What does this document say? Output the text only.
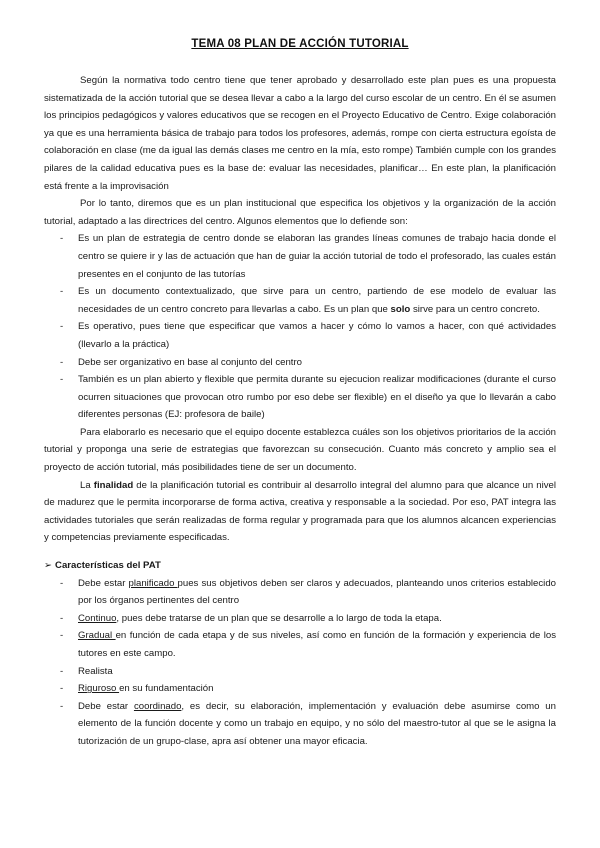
TEMA 08 PLAN DE ACCIÓN TUTORIAL

Según la normativa todo centro tiene que tener aprobado y desarrollado este plan pues es una propuesta sistematizada de la acción tutorial que se desea llevar a cabo a la largo del curso escolar de un centro. En él se asumen los principios pedagógicos y valores educativos que se recogen en el Proyecto Educativo de Centro. Exige colaboración ya que es una herramienta básica de trabajo para todos los profesores, además, rompe con cierta estructura egoísta de colaboración en clase (me da igual las demás clases me centro en la mía, esto rompe) También cumple con los grandes pilares de la calidad educativa pues es la base de: evaluar las necesidades, planificar… En este plan, la planificación está frente a la improvisación

Por lo tanto, diremos que es un plan institucional que especifica los objetivos y la organización de la acción tutorial, adaptado a las directrices del centro. Algunos elementos que lo defiende son:

- Es un plan de estrategia de centro donde se elaboran las grandes líneas comunes de trabajo hacia donde el centro se quiere ir y las de actuación que han de guiar la acción tutorial de todo el profesorado, las cuales están presentes en el conjunto de las tutorías
- Es un documento contextualizado, que sirve para un centro, partiendo de ese modelo de evaluar las necesidades de un centro concreto para llevarlas a cabo. Es un plan que solo sirve para un centro concreto.
- Es operativo, pues tiene que especificar que vamos a hacer y cómo lo vamos a hacer, con qué actividades (llevarlo a la práctica)
- Debe ser organizativo en base al conjunto del centro
- También es un plan abierto y flexible que permita durante su ejecucion realizar modificaciones (durante el curso ocurren situaciones que provocan otro rumbo por eso debe ser flexible) en el diseño ya que lo llevarán a cabo diferentes personas (EJ: profesora de baile)

Para elaborarlo es necesario que el equipo docente establezca cuáles son los objetivos prioritarios de la acción tutorial y proponga una serie de estrategias que favorezcan su consecución. Cuanto más concreto y amplio sea el proyecto de acción tutorial, más posibilidades tiene de ser un documento.

La finalidad de la planificación tutorial es contribuir al desarrollo integral del alumno para que alcance un nivel de madurez que le permita incorporarse de forma activa, creativa y responsable a la sociedad. Por eso, PAT integra las actividades tutoriales que serán realizadas de forma regular y programada para que los alumnos alcancen experiencias y competencias previamente especificadas.

➢ Características del PAT
- Debe estar planificado pues sus objetivos deben ser claros y adecuados, planteando unos criterios establecido por los órganos pertinentes del centro
- Continuo, pues debe tratarse de un plan que se desarrolle a lo largo de toda la etapa.
- Gradual en función de cada etapa y de sus niveles, así como en función de la formación y experiencia de los tutores en este campo.
- Realista
- Riguroso en su fundamentación
- Debe estar coordinado, es decir, su elaboración, implementación y evaluación debe asumirse como un elemento de la función docente y como un trabajo en equipo, y no sólo del maestro-tutor al que se le asigna la tutorización de un grupo-clase, apra así obtener una mayor eficacia.
